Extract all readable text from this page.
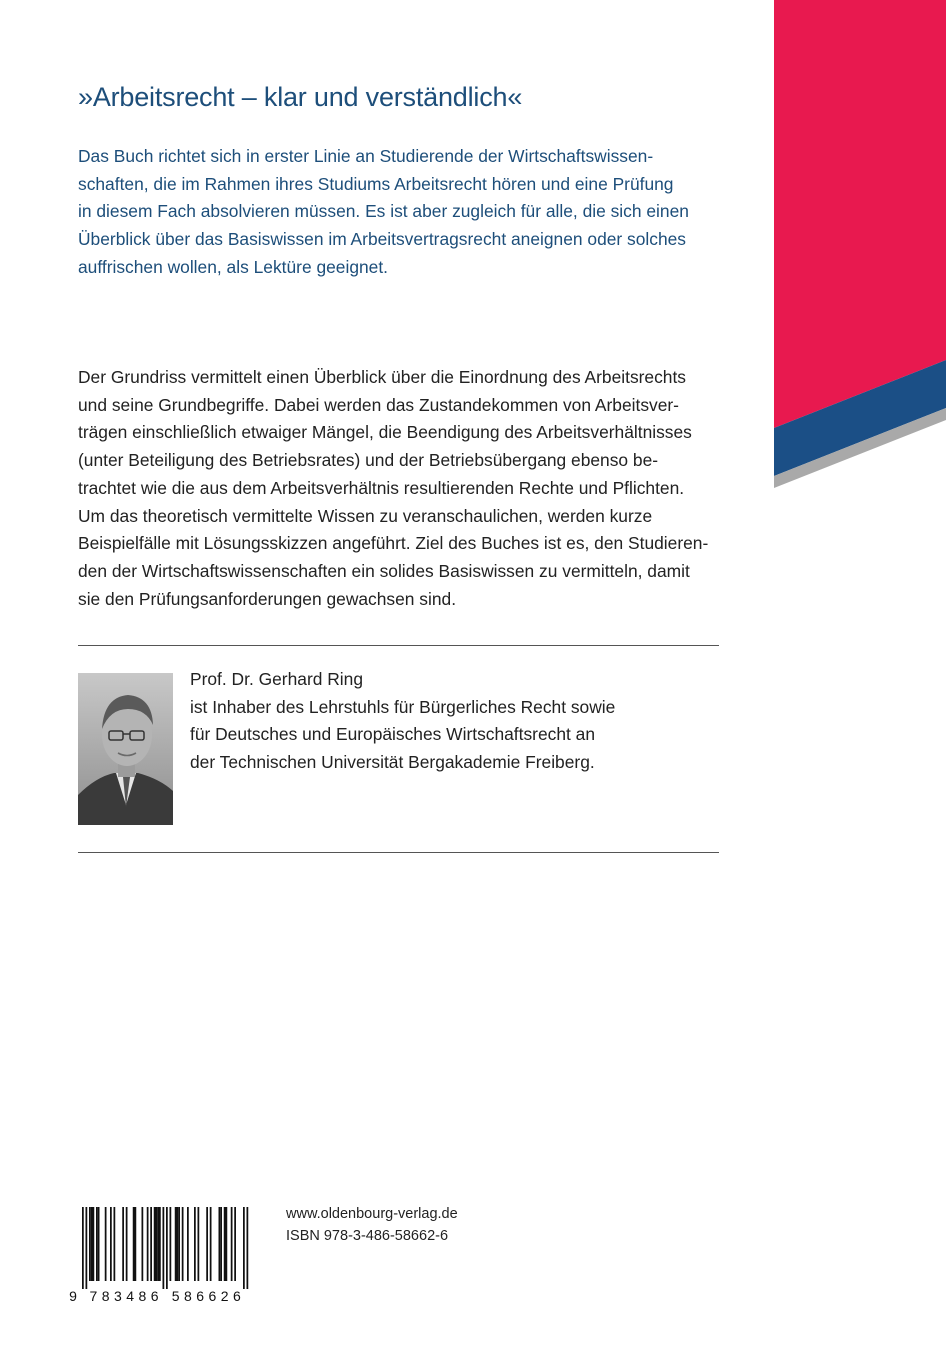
»Arbeitsrecht – klar und verständlich«

Das Buch richtet sich in erster Linie an Studierende der Wirtschaftswissen-
schaften, die im Rahmen ihres Studiums Arbeitsrecht hören und eine Prüfung
in diesem Fach absolvieren müssen. Es ist aber zugleich für alle, die sich einen
Überblick über das Basiswissen im Arbeitsvertragsrecht aneignen oder solches
auffrischen wollen, als Lektüre geeignet.

Der Grundriss vermittelt einen Überblick über die Einordnung des Arbeitsrechts
und seine Grundbegriffe. Dabei werden das Zustandekommen von Arbeitsver-
trägen einschließlich etwaiger Mängel, die Beendigung des Arbeitsverhältnisses
(unter Beteiligung des Betriebsrates) und der Betriebsübergang ebenso be-
trachtet wie die aus dem Arbeitsverhältnis resultierenden Rechte und Pflichten.
Um das theoretisch vermittelte Wissen zu veranschaulichen, werden kurze
Beispielfälle mit Lösungsskizzen angeführt. Ziel des Buches ist es, den Studieren-
den der Wirtschaftswissenschaften ein solides Basiswissen zu vermitteln, damit
sie den Prüfungsanforderungen gewachsen sind.

Prof. Dr. Gerhard Ring
ist Inhaber des Lehrstuhls für Bürgerliches Recht sowie
für Deutsches und Europäisches Wirtschaftsrecht an
der Technischen Universität Bergakademie Freiberg.

9 7 8 3 4 8 6 5 8 6 6 2 6
www.oldenbourg-verlag.de
ISBN 978-3-486-58662-6
